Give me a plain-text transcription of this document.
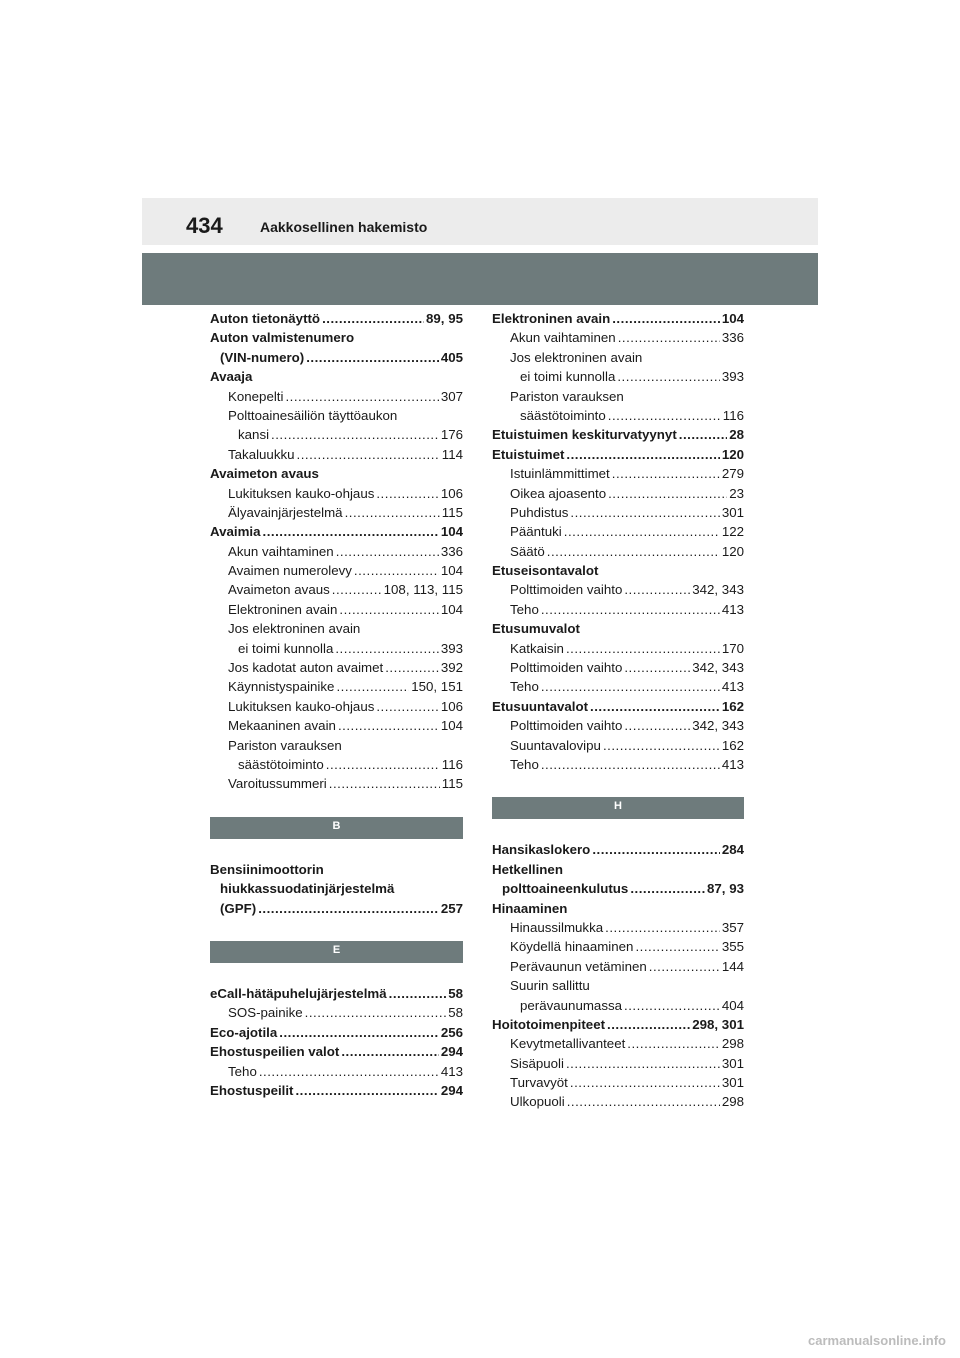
434	Aakkosellinen hakemisto
Auton tietonäyttö .....	89, 95
Auton valmistenumero
(VIN-numero) .....	405
Avaaja
Konepelti .....	307
Polttoainesäiliön täyttöaukon
kansi .....	176
Takaluukku .....	114
Avaimeton avaus
Lukituksen kauko-ohjaus .....	106
Älyavainjärjestelmä .....	115
Avaimia .....	104
Akun vaihtaminen .....	336
Avaimen numerolevy .....	104
Avaimeton avaus .....	108, 113, 115
Elektroninen avain .....	104
Jos elektroninen avain
ei toimi kunnolla .....	393
Jos kadotat auton avaimet .....	392
Käynnistyspainike .....	150, 151
Lukituksen kauko-ohjaus .....	106
Mekaaninen avain .....	104
Pariston varauksen
säästötoiminto .....	116
Varoitussummeri .....	115
B
Bensiinimoottorin
hiukkassuodatinjärjestelmä
(GPF) .....	257
E
eCall-hätäpuhelujärjestelmä .....	58
SOS-painike .....	58
Eco-ajotila .....	256
Ehostuspeilien valot .....	294
Teho .....	413
Ehostuspeilit .....	294
Elektroninen avain .....	104
Akun vaihtaminen .....	336
Jos elektroninen avain
ei toimi kunnolla .....	393
Pariston varauksen
säästötoiminto .....	116
Etuistuimen keskiturvatyynyt .....	28
Etuistuimet .....	120
Istuinlämmittimet .....	279
Oikea ajoasento .....	23
Puhdistus .....	301
Pääntuki .....	122
Säätö .....	120
Etuseisontavalot
Polttimoiden vaihto .....	342, 343
Teho .....	413
Etusumuvalot
Katkaisin .....	170
Polttimoiden vaihto .....	342, 343
Teho .....	413
Etusuuntavalot .....	162
Polttimoiden vaihto .....	342, 343
Suuntavalovipu .....	162
Teho .....	413
H
Hansikaslokero .....	284
Hetkellinen
polttoaineenkulutus .....	87, 93
Hinaaminen
Hinaussilmukka .....	357
Köydellä hinaaminen .....	355
Perävaunun vetäminen .....	144
Suurin sallittu
perävaunumassa .....	404
Hoitotoimenpiteet .....	298, 301
Kevytmetallivanteet .....	298
Sisäpuoli .....	301
Turvavyöt .....	301
Ulkopuoli .....	298
carmanualsonline.info
